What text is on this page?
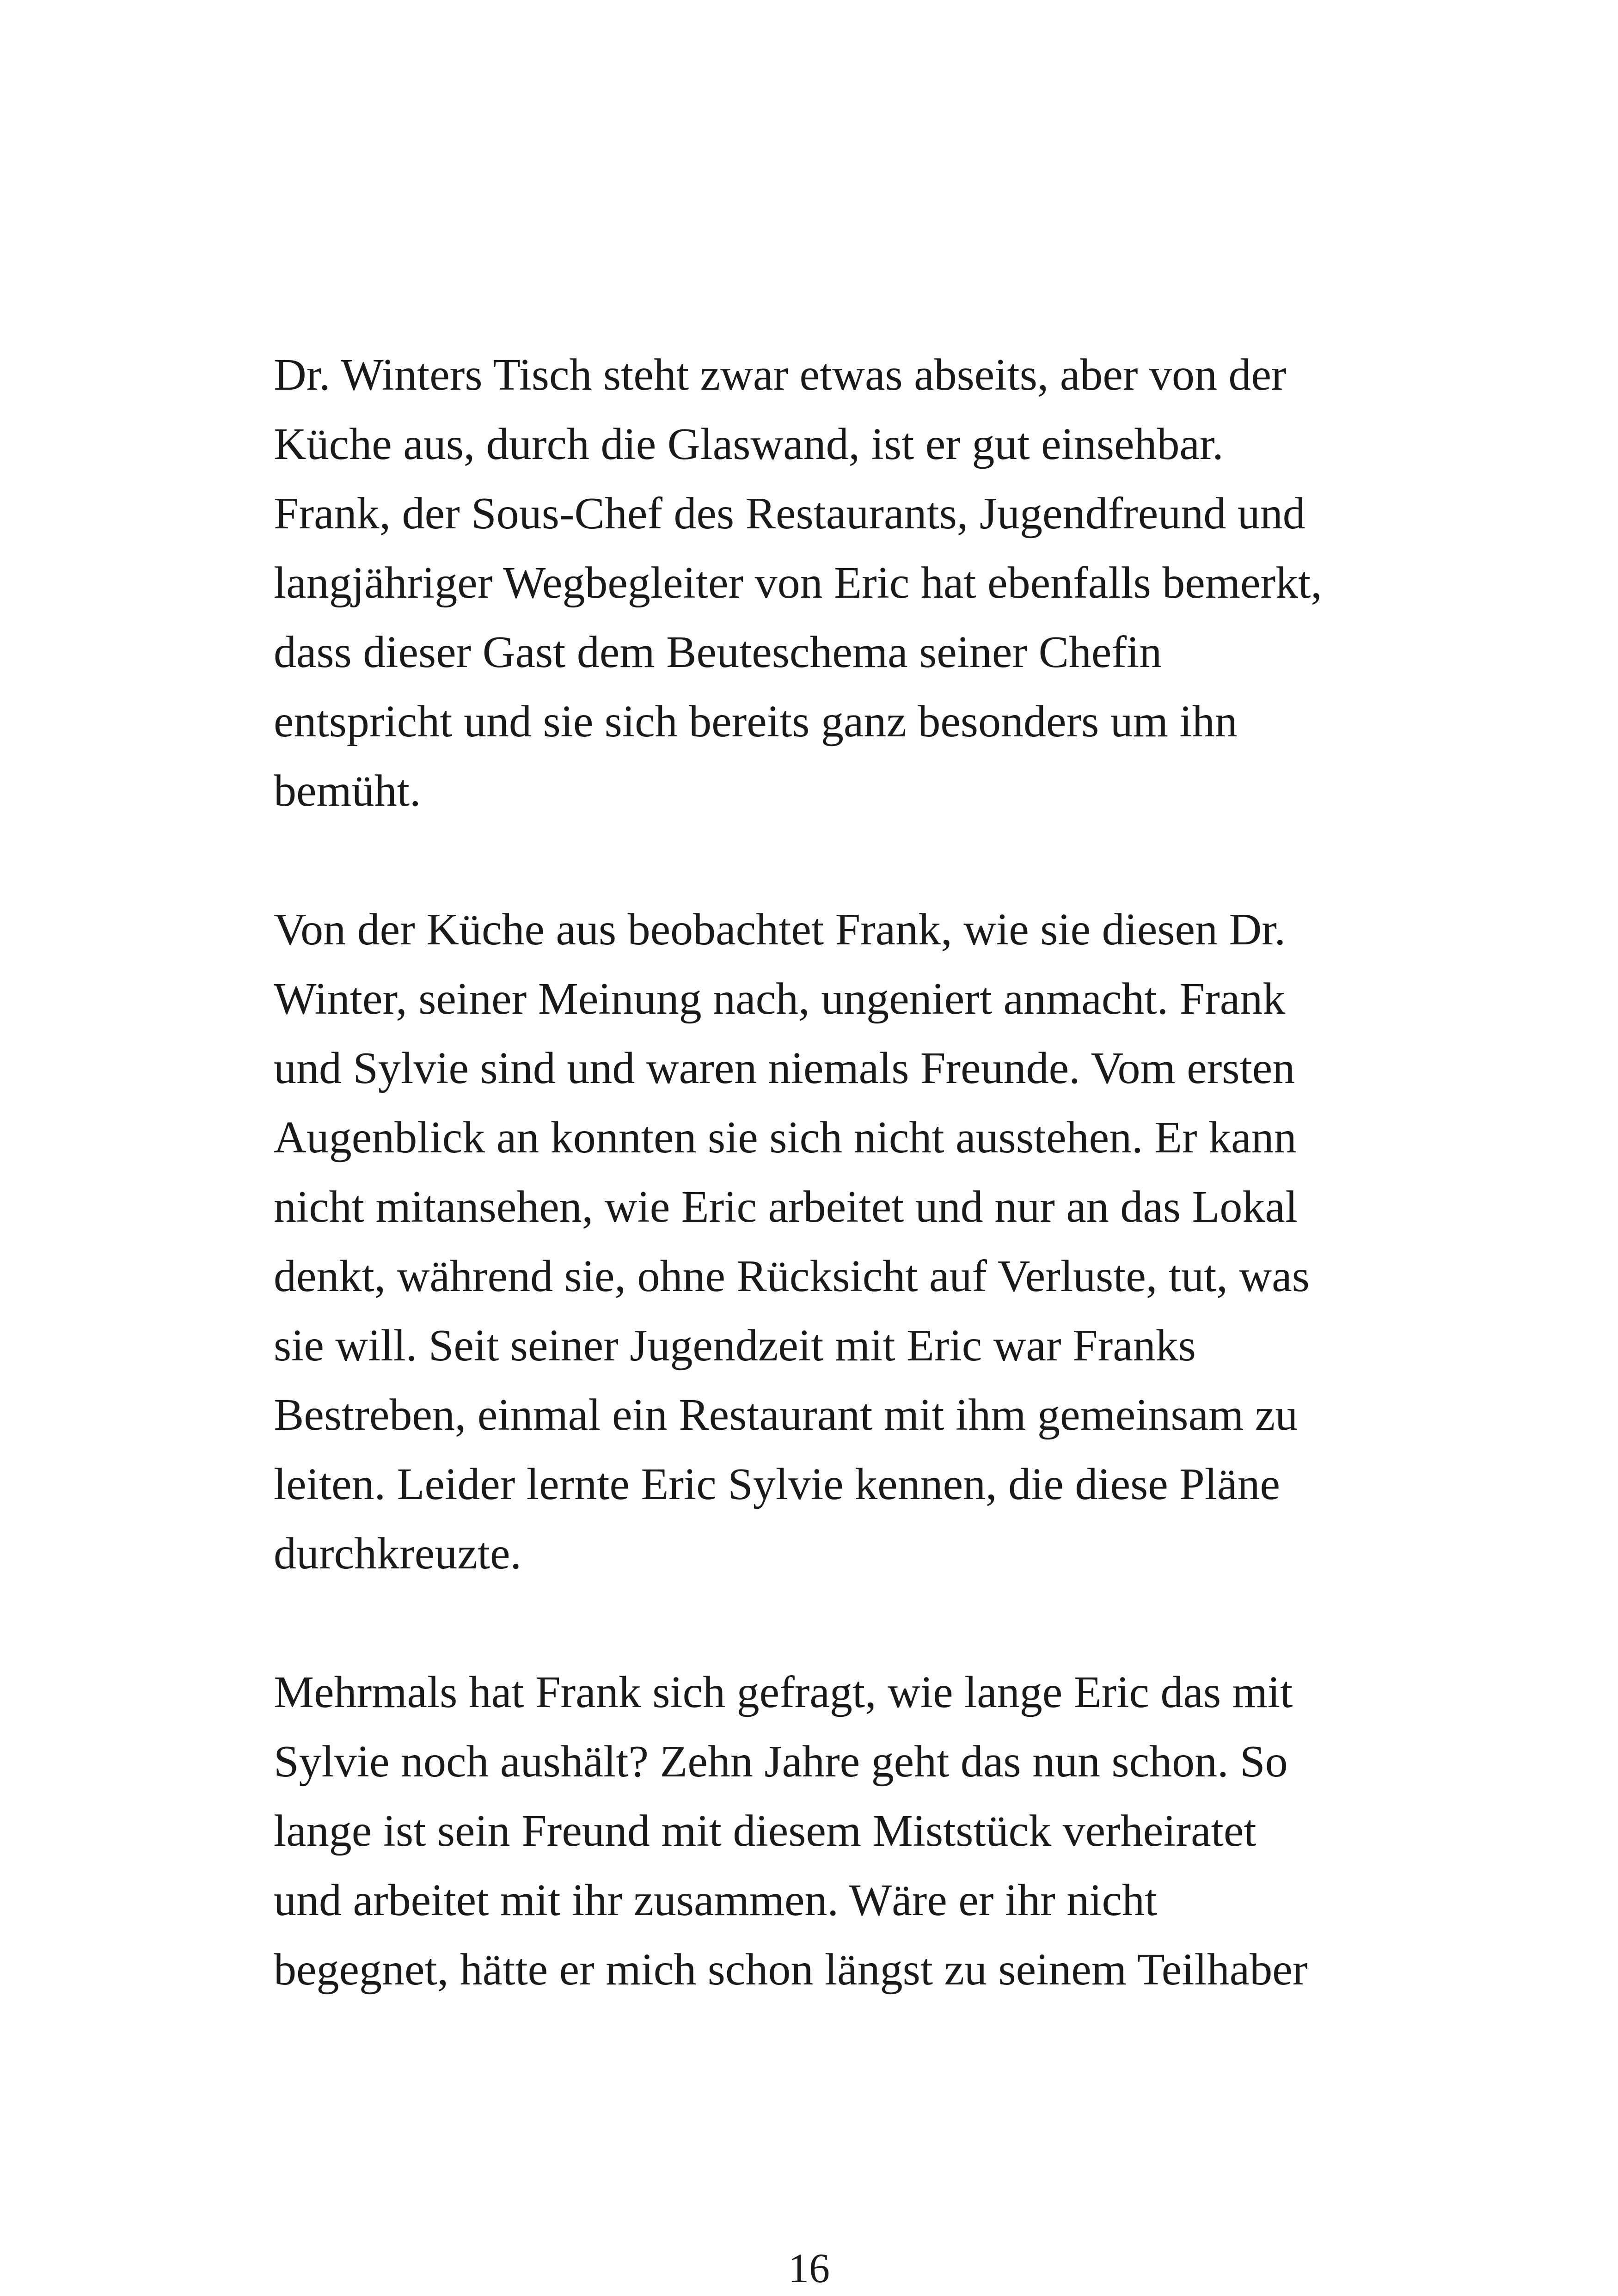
Dr. Winters Tisch steht zwar etwas abseits, aber von der
Küche aus, durch die Glaswand, ist er gut einsehbar.
Frank, der Sous-Chef des Restaurants, Jugendfreund und
langjähriger Wegbegleiter von Eric hat ebenfalls bemerkt,
dass dieser Gast dem Beuteschema seiner Chefin
entspricht und sie sich bereits ganz besonders um ihn
bemüht.
Von der Küche aus beobachtet Frank, wie sie diesen Dr.
Winter, seiner Meinung nach, ungeniert anmacht. Frank
und Sylvie sind und waren niemals Freunde. Vom ersten
Augenblick an konnten sie sich nicht ausstehen. Er kann
nicht mitansehen, wie Eric arbeitet und nur an das Lokal
denkt, während sie, ohne Rücksicht auf Verluste, tut, was
sie will. Seit seiner Jugendzeit mit Eric war Franks
Bestreben, einmal ein Restaurant mit ihm gemeinsam zu
leiten. Leider lernte Eric Sylvie kennen, die diese Pläne
durchkreuzte.
Mehrmals hat Frank sich gefragt, wie lange Eric das mit
Sylvie noch aushält? Zehn Jahre geht das nun schon. So
lange ist sein Freund mit diesem Miststück verheiratet
und arbeitet mit ihr zusammen. Wäre er ihr nicht
begegnet, hätte er mich schon längst zu seinem Teilhaber
16
